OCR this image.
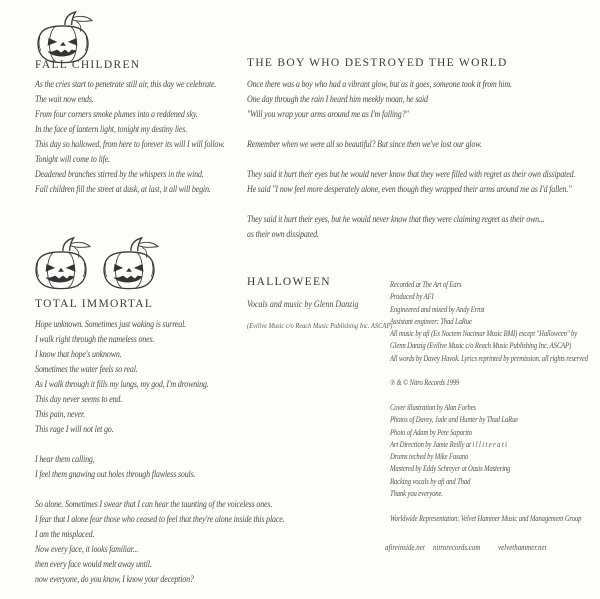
FALL CHILDREN
As the cries start to penetrate still air, this day we celebrate.
The wait now ends.
From four corners smoke plumes into a reddened sky.
In the face of lantern light, tonight my destiny lies.
This day so hallowed, from here to forever its will I will follow.
Tonight will come to life.
Deadened branches stirred by the whispers in the wind.
Fall children fill the street at dusk, at last, it all will begin.
THE BOY WHO DESTROYED THE WORLD
Once there was a boy who had a vibrant glow, but as it goes, someone took it from him.
One day through the rain I heard him meekly moan, he said
"Will you wrap your arms around me as I'm falling?"

Remember when we were all so beautiful? But since then we've lost our glow.

They said it hurt their eyes but he would never know that they were filled with regret as their own dissipated.
He said "I now feel more desperately alone, even though they wrapped their arms around me as I'd fallen."

They said it hurt their eyes, but he would never know that they were claiming regret as their own...
as their own dissipated.
TOTAL IMMORTAL
Hope unknown. Sometimes just waking is surreal.
I walk right through the nameless ones.
I know that hope's unknown.
Sometimes the water feels so real.
As I walk through it fills my lungs, my god, I'm drowning.
This day never seems to end.
This pain, never.
This rage I will not let go.

I hear them calling,
I feel them gnawing out holes through flawless souls.

So alone. Sometimes I swear that I can hear the taunting of the voiceless ones.
I fear that I alone fear those who ceased to feel that they're alone inside this place.
I am the misplaced.
Now every face, it looks familiar...
then every face would melt away until.
now everyone, do you know, I know your deception?
HALLOWEEN
Vocals and music by Glenn Danzig
(Evilive Music c/o Reach Music Publishing Inc. ASCAP)
Recorded at The Art of Ears
Produced by AFI
Engineered and mixed by Andy Ernst
Assistant engineer: Thad LaRue
All music by afi (Ex Noctem Nacimur Music BMI) except "Halloween" by
Glenn Danzig (Evilive Music c/o Reach Music Publishing Inc. ASCAP)
All words by Davey Havok. Lyrics reprinted by permission. all rights reserved

℗ & © Nitro Records 1999

Cover illustration by Alan Forbes
Photos of Davey, Jade and Hunter by Thad LaRue
Photo of Adam by Pete Saporito
Art Direction by Jamie Reilly at i l l i t e r a t i
Drums teched by Mike Fusano
Mastered by Eddy Schreyer at Oasis Mastering
Backing vocals by afi and Thad
Thank you everyone.

Worldwide Representation: Velvet Hammer Music and Management Group
afireinside.net nitrorecords.com velvethammer.net
